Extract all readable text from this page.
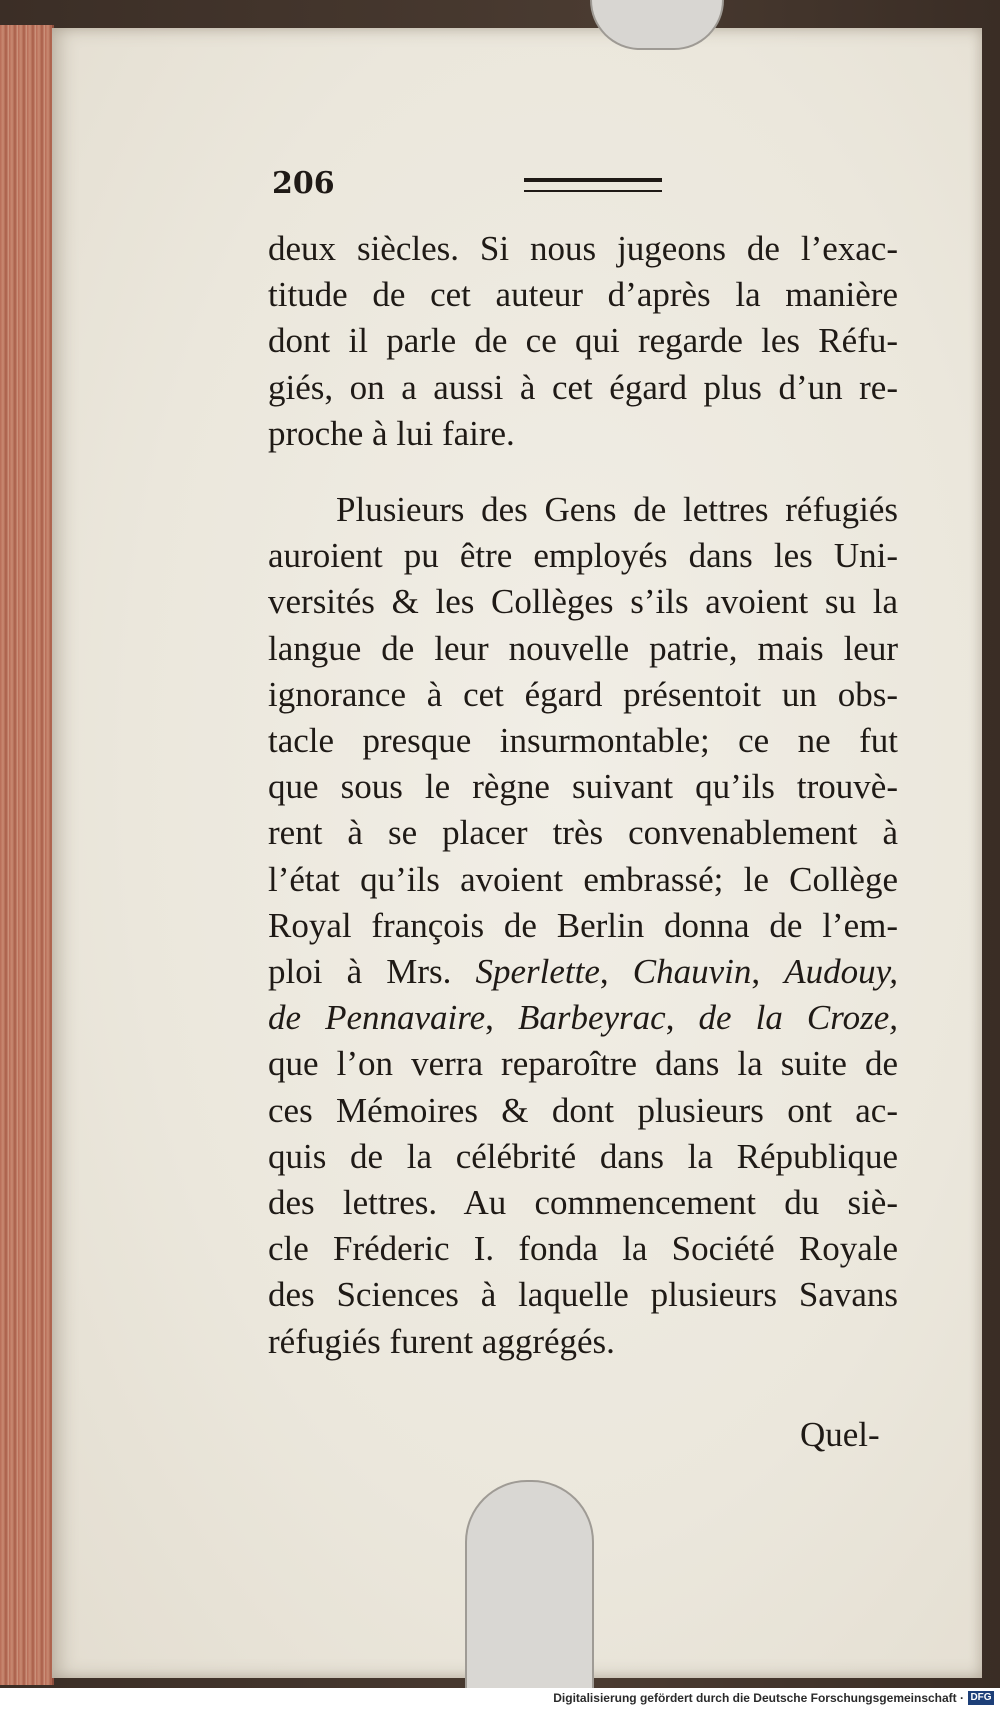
206
deux siècles. Si nous jugeons de l’exac-
titude de cet auteur d’après la manière
dont il parle de ce qui regarde les Réfu-
giés, on a aussi à cet égard plus d’un re-
proche à lui faire.
Plusieurs des Gens de lettres réfugiés
auroient pu être employés dans les Uni-
versités & les Collèges s’ils avoient su la
langue de leur nouvelle patrie, mais leur
ignorance à cet égard présentoit un obs-
tacle presque insurmontable; ce ne fut
que sous le règne suivant qu’ils trouvè-
rent à se placer très convenablement à
l’état qu’ils avoient embrassé; le Collège
Royal françois de Berlin donna de l’em-
ploi à Mrs. Sperlette, Chauvin, Audouy,
de Pennavaire, Barbeyrac, de la Croze,
que l’on verra reparoître dans la suite de
ces Mémoires & dont plusieurs ont ac-
quis de la célébrité dans la République
des lettres. Au commencement du siè-
cle Fréderic I. fonda la Société Royale
des Sciences à laquelle plusieurs Savans
réfugiés furent aggrégés.
Quel-
Digitalisierung gefördert durch die Deutsche Forschungsgemeinschaft · DFG
